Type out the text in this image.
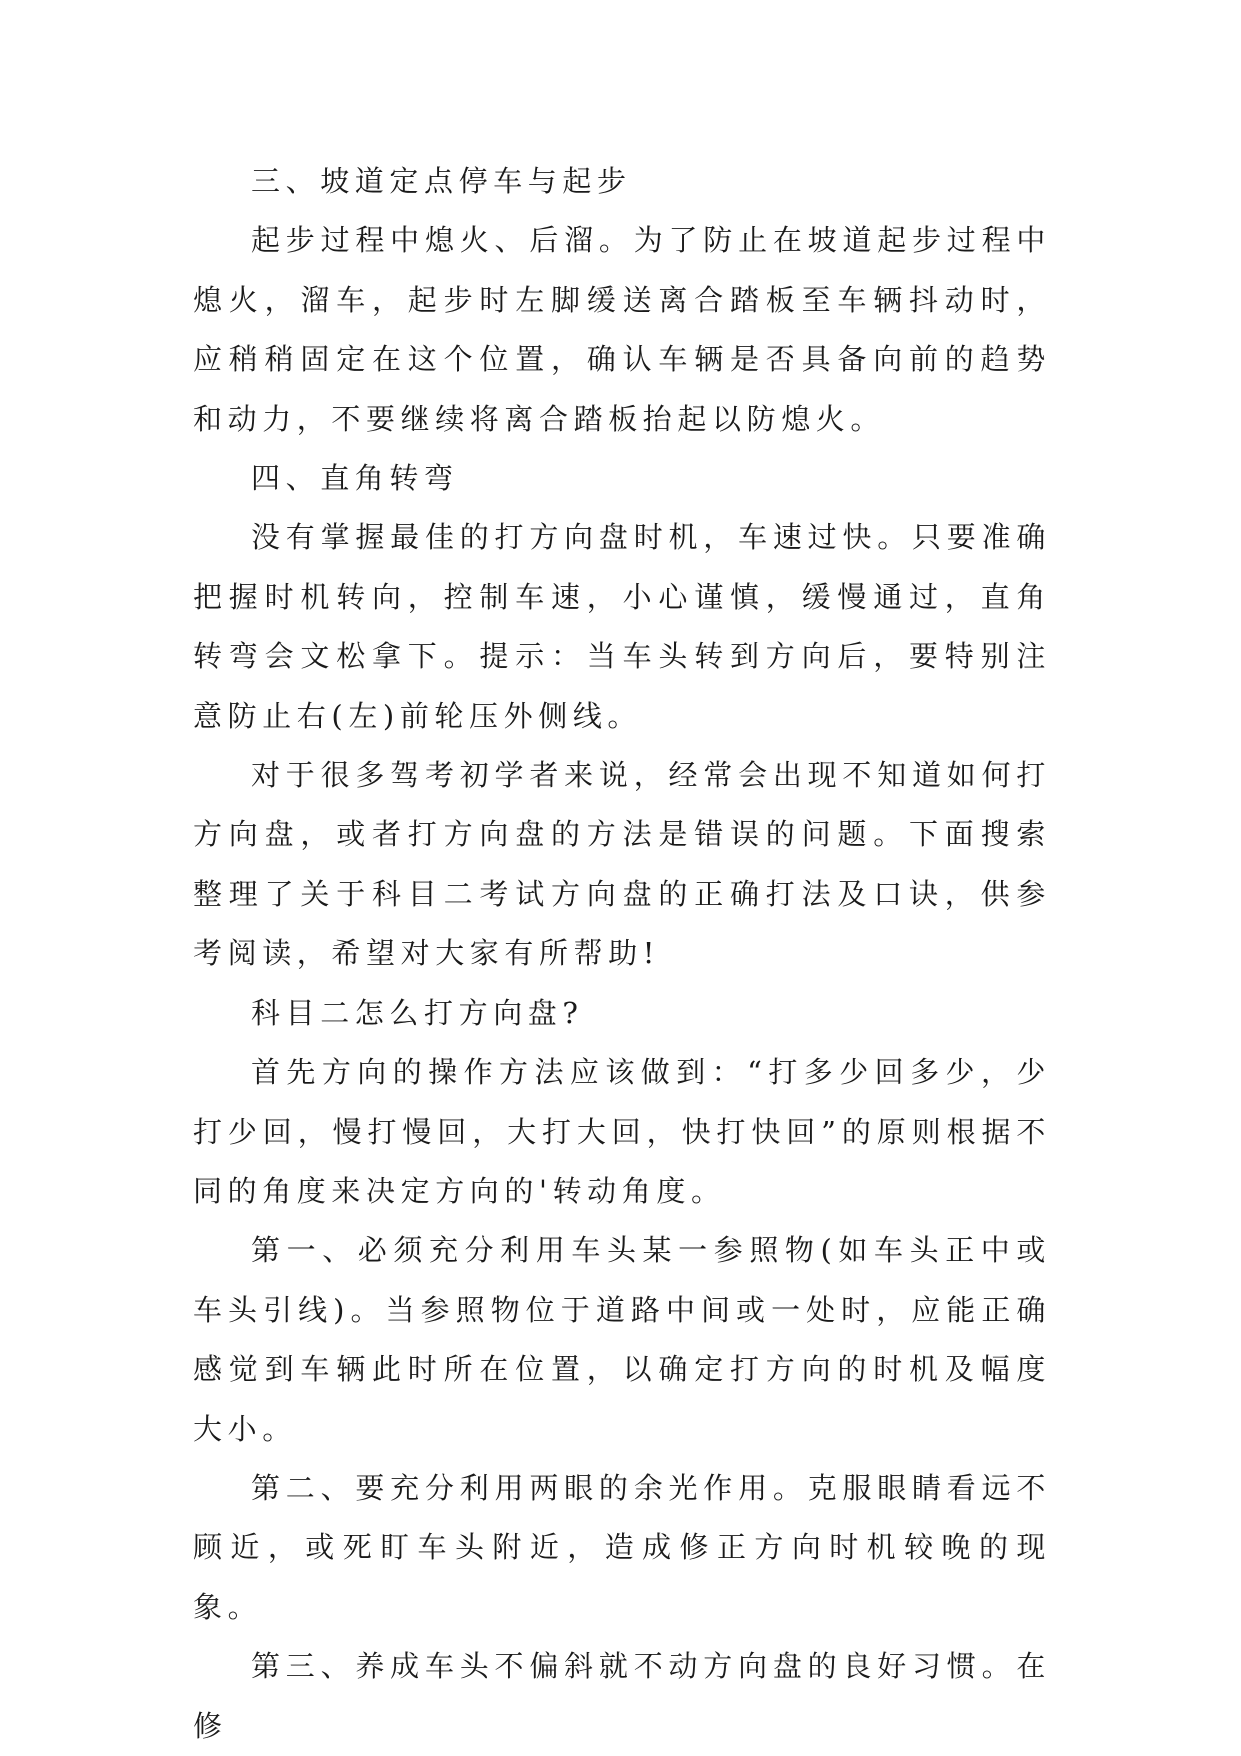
三、坡道定点停车与起步

起步过程中熄火、后溜。为了防止在坡道起步过程中熄火，溜车，起步时左脚缓送离合踏板至车辆抖动时，应稍稍固定在这个位置，确认车辆是否具备向前的趋势和动力，不要继续将离合踏板抬起以防熄火。

四、直角转弯

没有掌握最佳的打方向盘时机，车速过快。只要准确把握时机转向，控制车速，小心谨慎，缓慢通过，直角转弯会文松拿下。提示：当车头转到方向后，要特别注意防止右(左)前轮压外侧线。

对于很多驾考初学者来说，经常会出现不知道如何打方向盘，或者打方向盘的方法是错误的问题。下面搜索整理了关于科目二考试方向盘的正确打法及口诀，供参考阅读，希望对大家有所帮助!

科目二怎么打方向盘?

首先方向的操作方法应该做到：“打多少回多少，少打少回，慢打慢回，大打大回，快打快回”的原则根据不同的角度来决定方向的'转动角度。

第一、必须充分利用车头某一参照物(如车头正中或车头引线)。当参照物位于道路中间或一处时，应能正确感觉到车辆此时所在位置，以确定打方向的时机及幅度大小。

第二、要充分利用两眼的余光作用。克服眼睛看远不顾近，或死盯车头附近，造成修正方向时机较晚的现象。

第三、养成车头不偏斜就不动方向盘的良好习惯。在修
